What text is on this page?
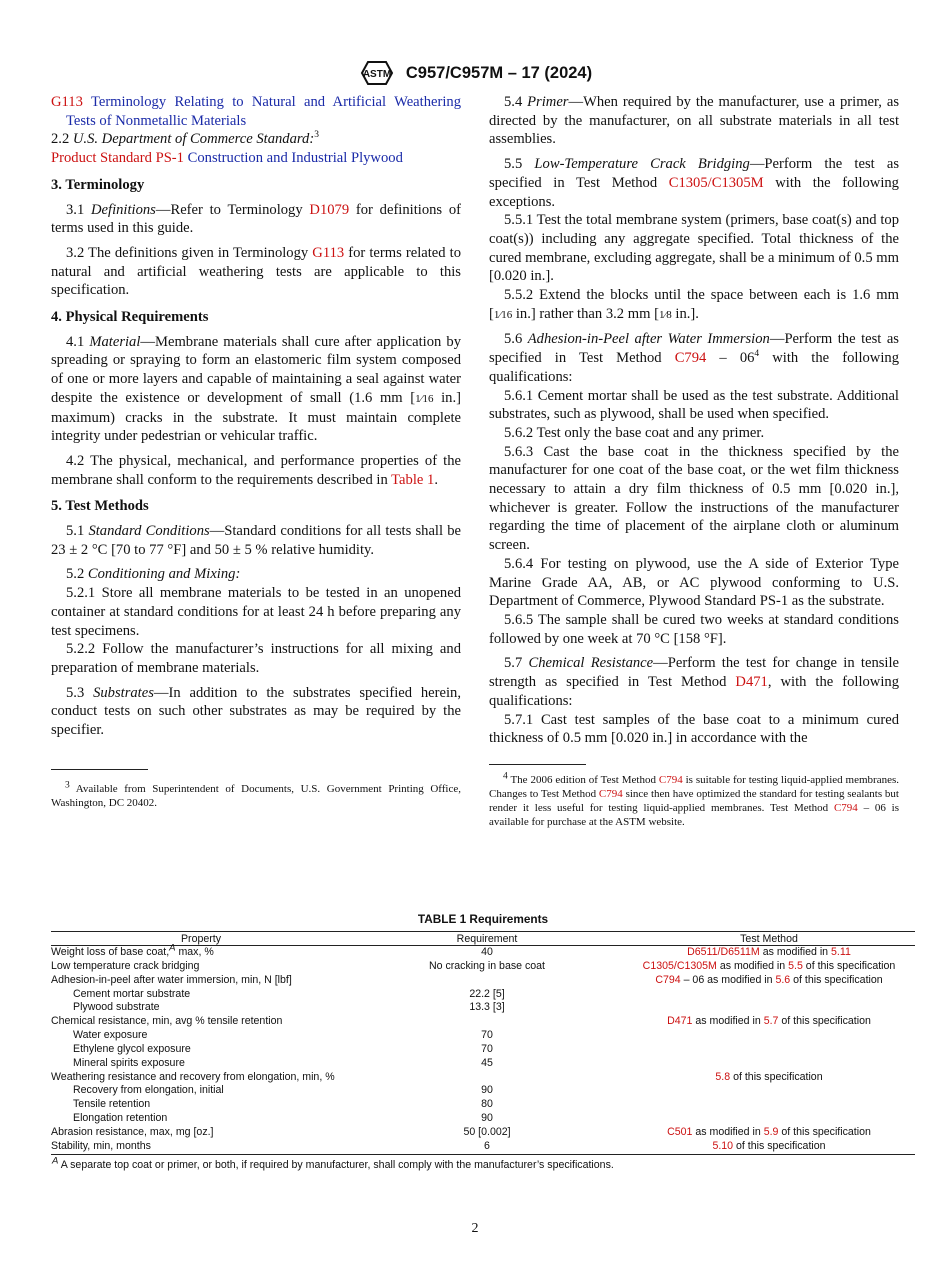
ASTM C957/C957M – 17 (2024)

G113 Terminology Relating to Natural and Artificial Weathering Tests of Nonmetallic Materials

2.2 U.S. Department of Commerce Standard:$^3$

Product Standard PS-1 Construction and Industrial Plywood

3. Terminology

3.1 Definitions—Refer to Terminology D1079 for definitions of terms used in this guide.

3.2 The definitions given in Terminology G113 for terms related to natural and artificial weathering tests are applicable to this specification.

4. Physical Requirements

4.1 Material—Membrane materials shall cure after application by spreading or spraying to form an elastomeric film system composed of one or more layers and capable of maintaining a seal against water despite the existence or development of small (1.6 mm [1⁄16 in.] maximum) cracks in the substrate. It must maintain complete integrity under pedestrian or vehicular traffic.

4.2 The physical, mechanical, and performance properties of the membrane shall conform to the requirements described in Table 1.

5. Test Methods

5.1 Standard Conditions—Standard conditions for all tests shall be 23 ± 2 °C [70 to 77 °F] and 50 ± 5 % relative humidity.

5.2 Conditioning and Mixing:

5.2.1 Store all membrane materials to be tested in an unopened container at standard conditions for at least 24 h before preparing any test specimens.

5.2.2 Follow the manufacturer’s instructions for all mixing and preparation of membrane materials.

5.3 Substrates—In addition to the substrates specified herein, conduct tests on such other substrates as may be required by the specifier.

$^3$ Available from Superintendent of Documents, U.S. Government Printing Office, Washington, DC 20402.

5.4 Primer—When required by the manufacturer, use a primer, as directed by the manufacturer, on all substrate materials in all test assemblies.

5.5 Low-Temperature Crack Bridging—Perform the test as specified in Test Method C1305/C1305M with the following exceptions.

5.5.1 Test the total membrane system (primers, base coat(s) and top coat(s)) including any aggregate specified. Total thickness of the cured membrane, excluding aggregate, shall be a minimum of 0.5 mm [0.020 in.].

5.5.2 Extend the blocks until the space between each is 1.6 mm [1⁄16 in.] rather than 3.2 mm [1⁄8 in.].

5.6 Adhesion-in-Peel after Water Immersion—Perform the test as specified in Test Method $C794 - 06^4$ with the following qualifications:

5.6.1 Cement mortar shall be used as the test substrate. Additional substrates, such as plywood, shall be used when specified.

5.6.2 Test only the base coat and any primer.

5.6.3 Cast the base coat in the thickness specified by the manufacturer for one coat of the base coat, or the wet film thickness necessary to attain a dry film thickness of 0.5 mm [0.020 in.], whichever is greater. Follow the instructions of the manufacturer regarding the time of placement of the airplane cloth or aluminum screen.

5.6.4 For testing on plywood, use the A side of Exterior Type Marine Grade AA, AB, or AC plywood conforming to U.S. Department of Commerce, Plywood Standard PS-1 as the substrate.

5.6.5 The sample shall be cured two weeks at standard conditions followed by one week at 70 °C [158 °F].

5.7 Chemical Resistance—Perform the test for change in tensile strength as specified in Test Method D471, with the following qualifications:

5.7.1 Cast test samples of the base coat to a minimum cured thickness of 0.5 mm [0.020 in.] in accordance with the

$^4$ The 2006 edition of Test Method C794 is suitable for testing liquid-applied membranes. Changes to Test Method C794 since then have optimized the standard for testing sealants but render it less useful for testing liquid-applied membranes. Test Method C794 – 06 is available for purchase at the ASTM website.

TABLE 1 Requirements
Property	Requirement	Test Method
Weight loss of base coat,$^A$ max, %	40	D6511/D6511M as modified in 5.11
Low temperature crack bridging	No cracking in base coat	C1305/C1305M as modified in 5.5 of this specification
Adhesion-in-peel after water immersion, min, N [lbf]		C794 – 06 as modified in 5.6 of this specification
Cement mortar substrate	22.2 [5]	
Plywood substrate	13.3 [3]	
Chemical resistance, min, avg % tensile retention		D471 as modified in 5.7 of this specification
Water exposure	70	
Ethylene glycol exposure	70	
Mineral spirits exposure	45	
Weathering resistance and recovery from elongation, min, %		5.8 of this specification
Recovery from elongation, initial	90	
Tensile retention	80	
Elongation retention	90	
Abrasion resistance, max, mg [oz.]	50 [0.002]	C501 as modified in 5.9 of this specification
Stability, min, months	6	5.10 of this specification
$^A$ A separate top coat or primer, or both, if required by manufacturer, shall comply with the manufacturer’s specifications.
2
